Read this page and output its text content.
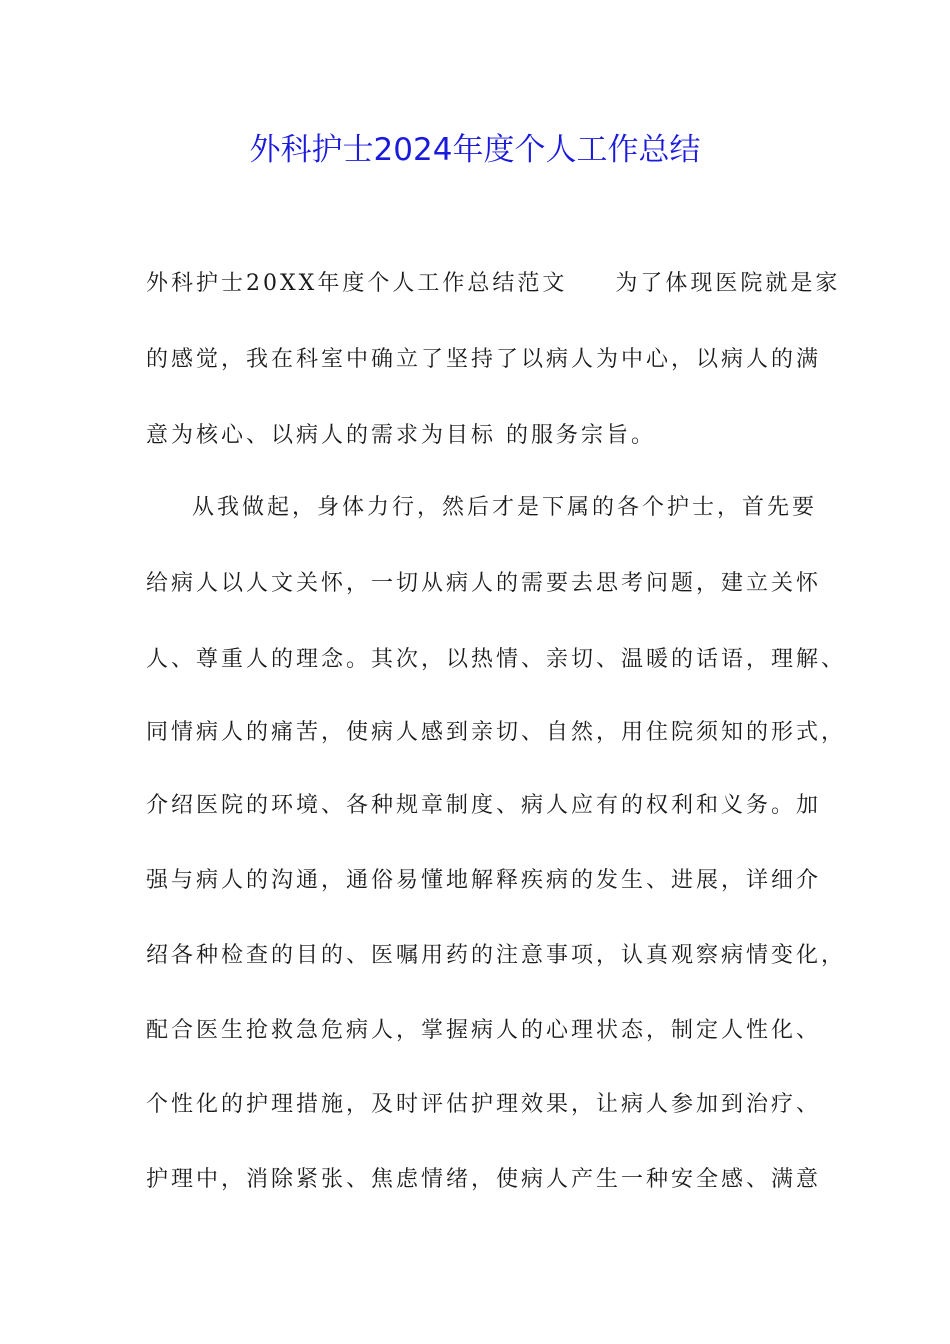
外科护士2024年度个人工作总结
外科护士20XX年度个人工作总结范文 为了体现医院就是家
的感觉，我在科室中确立了坚持了以病人为中心，以病人的满
意为核心、以病人的需求为目标 的服务宗旨。
从我做起，身体力行，然后才是下属的各个护士，首先要
给病人以人文关怀，一切从病人的需要去思考问题，建立关怀
人、尊重人的理念。其次，以热情、亲切、温暖的话语，理解、
同情病人的痛苦，使病人感到亲切、自然，用住院须知的形式，
介绍医院的环境、各种规章制度、病人应有的权利和义务。加
强与病人的沟通，通俗易懂地解释疾病的发生、进展，详细介
绍各种检查的目的、医嘱用药的注意事项，认真观察病情变化，
配合医生抢救急危病人，掌握病人的心理状态，制定人性化、
个性化的护理措施，及时评估护理效果，让病人参加到治疗、
护理中，消除紧张、焦虑情绪，使病人产生一种安全感、满意
